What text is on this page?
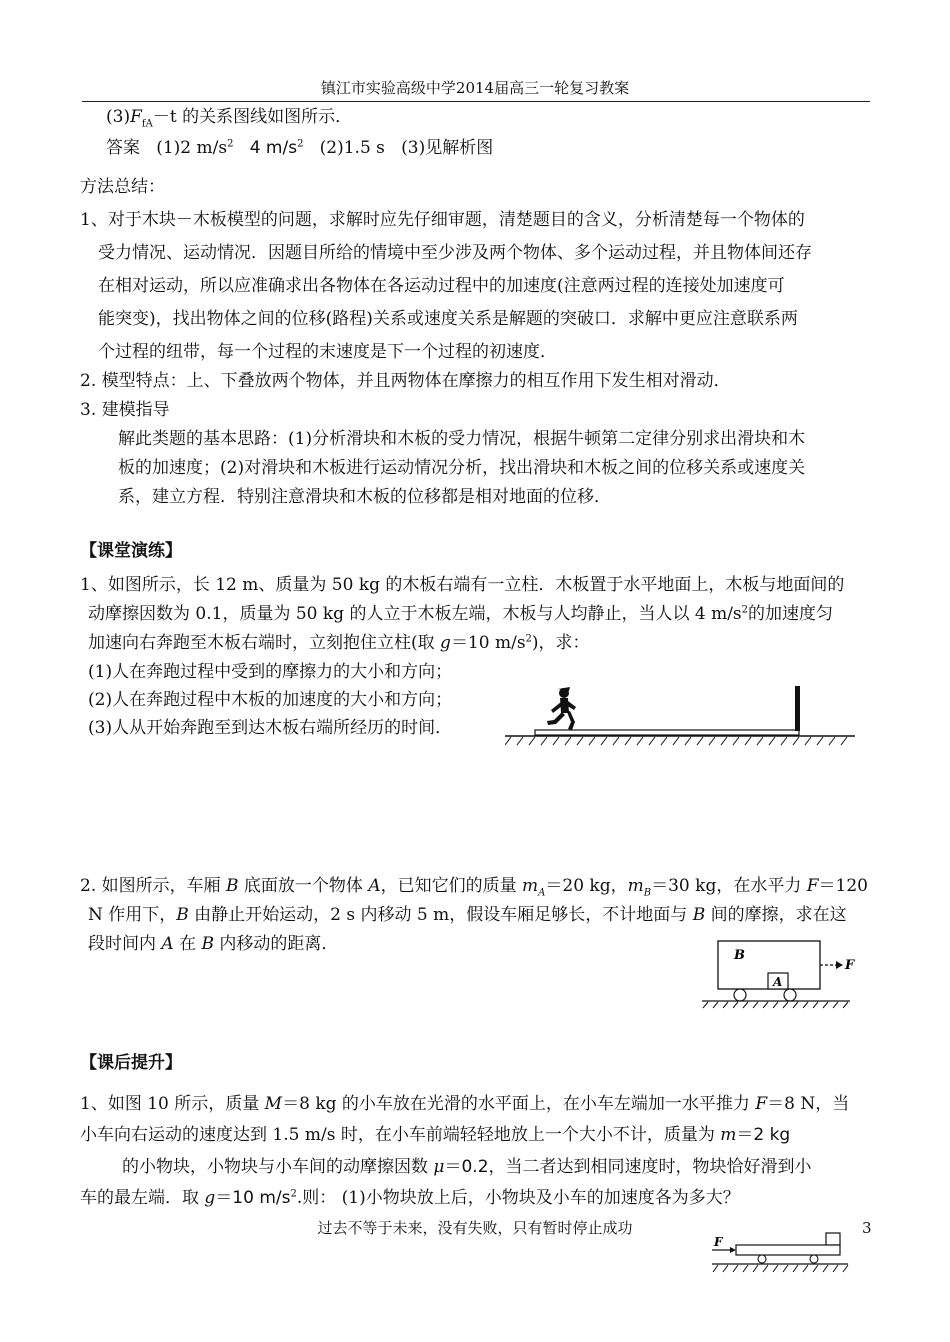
镇江市实验高级中学2014届高三一轮复习教案
$(3)F_{fA}-t$ 的关系图线如图所示．
答案 (1)2 $m/s^2$ 4 $m/s^2$ (2)1.5 s (3)见解析图
方法总结：
1、对于木块－木板模型的问题，求解时应先仔细审题，清楚题目的含义，分析清楚每一个物体的
受力情况、运动情况．因题目所给的情境中至少涉及两个物体、多个运动过程，并且物体间还存
在相对运动，所以应准确求出各物体在各运动过程中的加速度(注意两过程的连接处加速度可
能突变)，找出物体之间的位移(路程)关系或速度关系是解题的突破口．求解中更应注意联系两
个过程的纽带，每一个过程的末速度是下一个过程的初速度．
2. 模型特点：上、下叠放两个物体，并且两物体在摩擦力的相互作用下发生相对滑动．
3. 建模指导
解此类题的基本思路：(1)分析滑块和木板的受力情况，根据牛顿第二定律分别求出滑块和木
板的加速度；(2)对滑块和木板进行运动情况分析，找出滑块和木板之间的位移关系或速度关
系，建立方程．特别注意滑块和木板的位移都是相对地面的位移．
【课堂演练】
1、如图所示，长 12 m、质量为 50 kg 的木板右端有一立柱．木板置于水平地面上，木板与地面间的
动摩擦因数为 0.1，质量为 50 kg 的人立于木板左端，木板与人均静止，当人以 4 $m/s^2$的加速度匀
加速向右奔跑至木板右端时，立刻抱住立柱(取 g＝10 $m/s^2$)，求：
(1)人在奔跑过程中受到的摩擦力的大小和方向；
(2)人在奔跑过程中木板的加速度的大小和方向；
(3)人从开始奔跑至到达木板右端所经历的时间．
2. 如图所示，车厢 B 底面放一个物体 A，已知它们的质量 $m_A=20$ kg，$m_B=30$ kg，在水平力 F＝120
N 作用下，B 由静止开始运动，2 s 内移动 5 m，假设车厢足够长，不计地面与 B 间的摩擦，求在这
段时间内 A 在 B 内移动的距离．
B
A
F
【课后提升】
1、如图 10 所示，质量 M＝8 kg 的小车放在光滑的水平面上，在小车左端加一水平推力 F＝8 N，当
小车向右运动的速度达到 1.5 m/s 时，在小车前端轻轻地放上一个大小不计，质量为 m＝2 kg
的小物块，小物块与小车间的动摩擦因数 μ＝0.2，当二者达到相同速度时，物块恰好滑到小
车的最左端．取 g＝10 $m/s^2$.则： (1)小物块放上后，小物块及小车的加速度各为多大？
过去不等于未来，没有失败，只有暂时停止成功	3
F
